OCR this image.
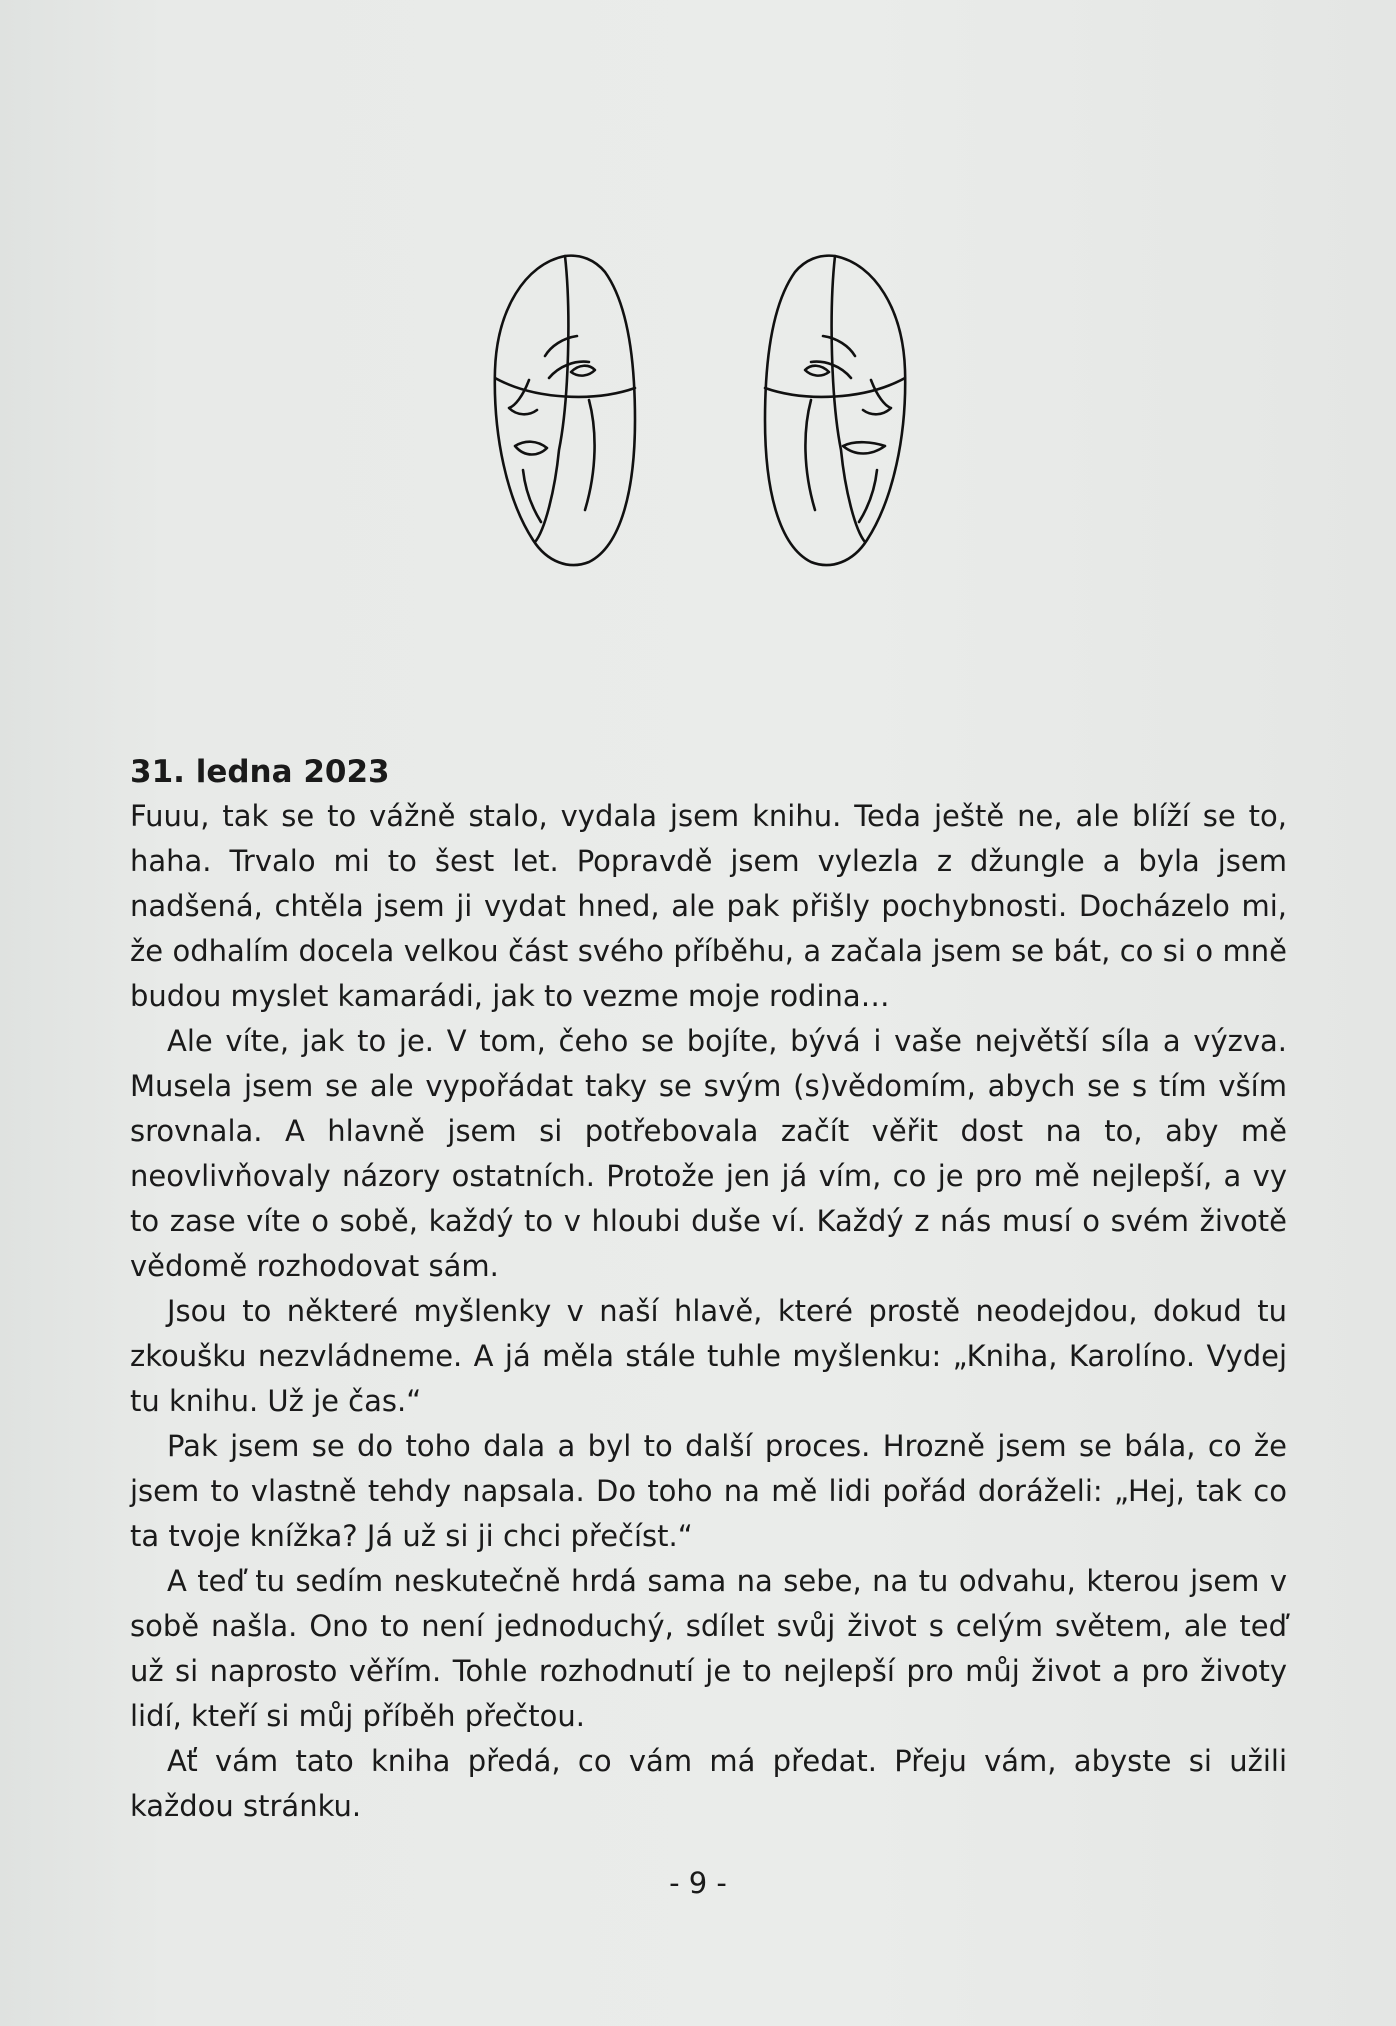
31. ledna 2023

Fuuu, tak se to vážně stalo, vydala jsem knihu. Teda ještě ne, ale blíží se to, haha. Trvalo mi to šest let. Popravdě jsem vylezla z džungle a byla jsem nadšená, chtěla jsem ji vydat hned, ale pak přišly pochybnosti. Docházelo mi, že odhalím docela velkou část svého příběhu, a začala jsem se bát, co si o mně budou myslet kamarádi, jak to vezme moje rodina…

Ale víte, jak to je. V tom, čeho se bojíte, bývá i vaše největší síla a výzva. Musela jsem se ale vypořádat taky se svým (s)vědomím, abych se s tím vším srovnala. A hlavně jsem si potřebovala začít věřit dost na to, aby mě neovlivňovaly názory ostatních. Protože jen já vím, co je pro mě nejlepší, a vy to zase víte o sobě, každý to v hloubi duše ví. Každý z nás musí o svém životě vědomě rozhodovat sám.

Jsou to některé myšlenky v naší hlavě, které prostě neodejdou, dokud tu zkoušku nezvládneme. A já měla stále tuhle myšlenku: „Kniha, Karolíno. Vydej tu knihu. Už je čas.“

Pak jsem se do toho dala a byl to další proces. Hrozně jsem se bála, co že jsem to vlastně tehdy napsala. Do toho na mě lidi pořád doráželi: „Hej, tak co ta tvoje knížka? Já už si ji chci přečíst.“

A teď tu sedím neskutečně hrdá sama na sebe, na tu odvahu, kterou jsem v sobě našla. Ono to není jednoduchý, sdílet svůj život s celým světem, ale teď už si naprosto věřím. Tohle rozhodnutí je to nejlepší pro můj život a pro životy lidí, kteří si můj příběh přečtou.

Ať vám tato kniha předá, co vám má předat. Přeju vám, abyste si užili každou stránku.

- 9 -
